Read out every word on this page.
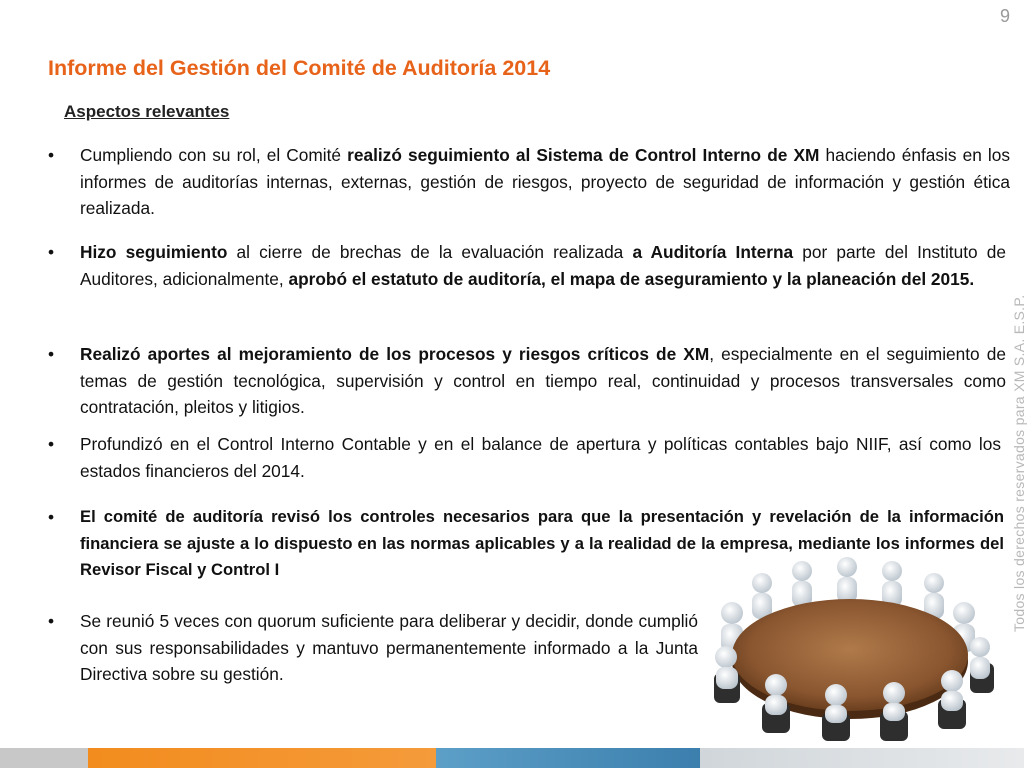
9
Informe del Gestión del Comité de Auditoría 2014
Aspectos relevantes
•	Cumpliendo con su rol, el Comité realizó seguimiento al Sistema de Control Interno de XM haciendo énfasis en los informes de auditorías internas, externas, gestión de riesgos, proyecto de seguridad de información y gestión ética realizada.
•	Hizo seguimiento al cierre de brechas de la evaluación realizada a Auditoría Interna por parte del Instituto de Auditores, adicionalmente, aprobó el estatuto de auditoría, el mapa de aseguramiento y la planeación del 2015.
•	Realizó aportes al mejoramiento de los procesos y riesgos críticos de XM, especialmente en el seguimiento de temas de gestión tecnológica, supervisión y control en tiempo real, continuidad y procesos transversales como contratación, pleitos y litigios.
•	Profundizó en el Control Interno Contable y en el balance de apertura y políticas contables bajo NIIF, así como los estados financieros del 2014.
•	El comité de auditoría revisó los controles necesarios para que la presentación y revelación de la información financiera se ajuste a lo dispuesto en las normas aplicables y a la realidad de la empresa, mediante los informes del Revisor Fiscal y Control I
•	Se reunió 5 veces con quorum suficiente para deliberar y decidir, donde cumplió con sus responsabilidades y mantuvo permanentemente informado a la Junta Directiva sobre su gestión.
Todos los derechos reservados para XM S.A. E.S.P.
